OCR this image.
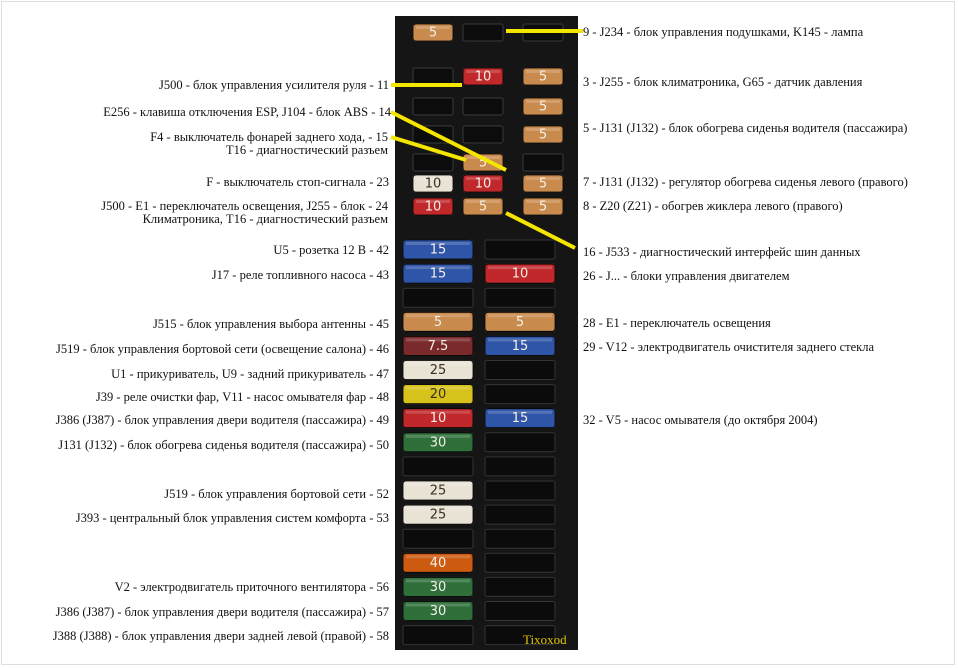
5
10	5
5
5
5
10	5
10
10	5	5
15
15
5
7.5
25
20
10
30
25
25
40
30
30
10
5
15
15
Tixoxod
J500 - блок управления усилителя руля - 11
E256 - клавиша отключения ESP, J104 - блок ABS - 14
F4 - выключатель фонарей заднего хода, - 15
T16 - диагностический разъем
F - выключатель стоп-сигнала - 23
J500 - E1 - переключатель освещения, J255 - блок - 24
Климатроника, T16 - диагностический разъем
U5 - розетка 12 В - 42
J17 - реле топливного насоса - 43
J515 - блок управления выбора антенны - 45
J519 - блок управления бортовой сети (освещение салона) - 46
U1 - прикуриватель, U9 - задний прикуриватель - 47
J39 - реле очистки фар, V11 - насос омывателя фар - 48
J386 (J387) - блок управления двери водителя (пассажира) - 49
J131 (J132) - блок обогрева сиденья водителя (пассажира) - 50
J519 - блок управления бортовой сети - 52
J393 - центральный блок управления систем комфорта - 53
V2 - электродвигатель приточного вентилятора - 56
J386 (J387) - блок управления двери водителя (пассажира) - 57
J388 (J388) - блок управления двери задней левой (правой) - 58
9 - J234 - блок управления подушками, K145 - лампа
3 - J255 - блок климатроника, G65 - датчик давления
5 - J131 (J132) - блок обогрева сиденья водителя (пассажира)
7 - J131 (J132) - регулятор обогрева сиденья левого (правого)
8 - Z20 (Z21) - обогрев жиклера левого (правого)
16 - J533 - диагностический интерфейс шин данных
26 - J... - блоки управления двигателем
28 - E1 - переключатель освещения
29 - V12 - электродвигатель очистителя заднего стекла
32 - V5 - насос омывателя (до октября 2004)
